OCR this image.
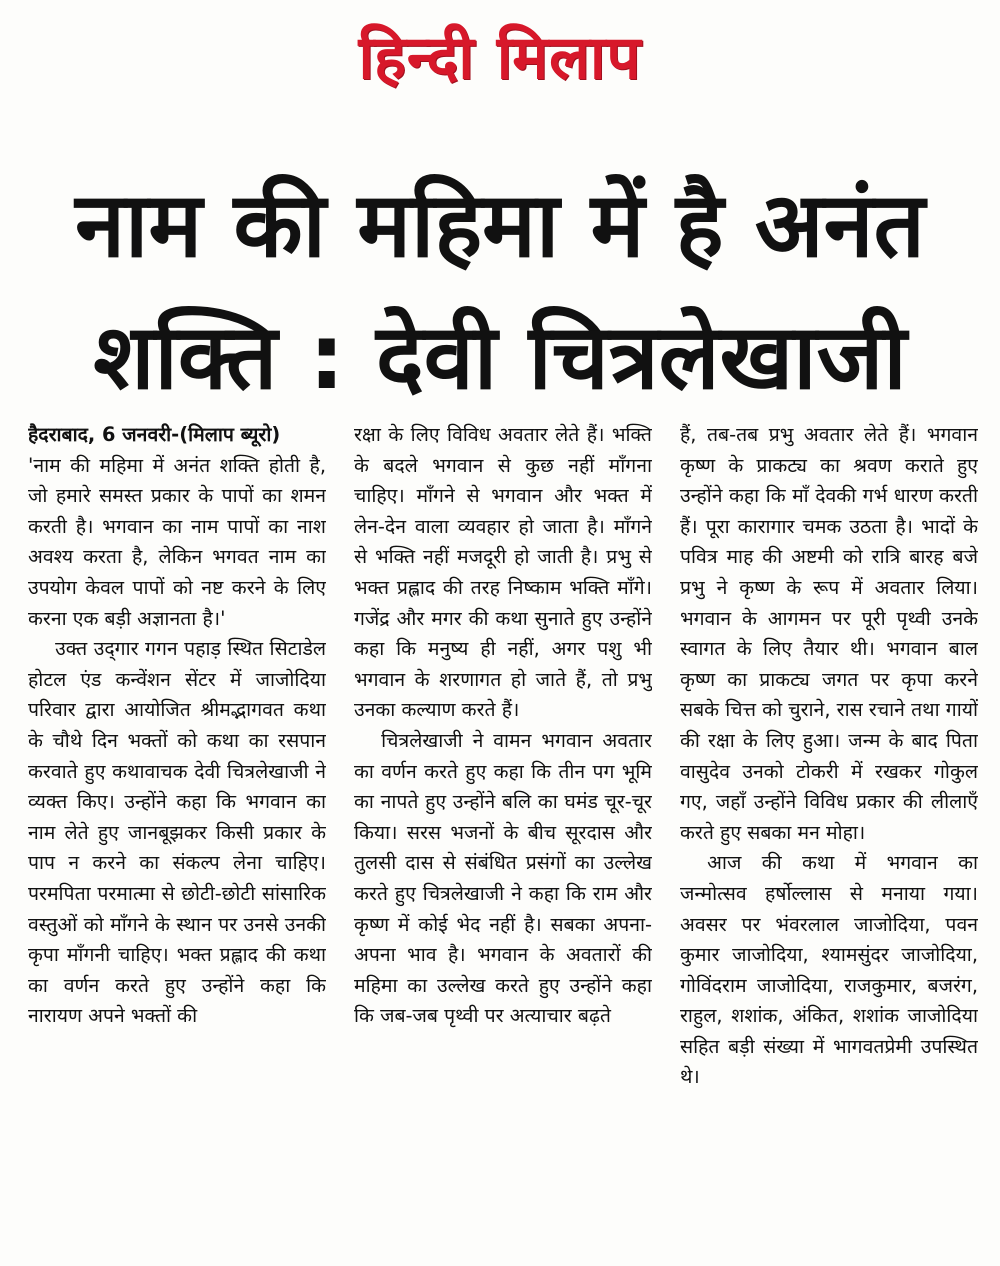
हिन्दी मिलाप
नाम की महिमा में है अनंत शक्ति : देवी चित्रलेखाजी

हैदराबाद, 6 जनवरी-(मिलाप ब्यूरो)

'नाम की महिमा में अनंत शक्ति होती है, जो हमारे समस्त प्रकार के पापों का शमन करती है। भगवान का नाम पापों का नाश अवश्य करता है, लेकिन भगवत नाम का उपयोग केवल पापों को नष्ट करने के लिए करना एक बड़ी अज्ञानता है।'

उक्त उद्‌गार गगन पहाड़ स्थित सिटाडेल होटल एंड कन्वेंशन सेंटर में जाजोदिया परिवार द्वारा आयोजित श्रीमद्भागवत कथा के चौथे दिन भक्तों को कथा का रसपान करवाते हुए कथावाचक देवी चित्रलेखाजी ने व्यक्त किए। उन्होंने कहा कि भगवान का नाम लेते हुए जानबूझकर किसी प्रकार के पाप न करने का संकल्प लेना चाहिए। परमपिता परमात्मा से छोटी-छोटी सांसारिक वस्तुओं को माँगने के स्थान पर उनसे उनकी कृपा माँगनी चाहिए। भक्त प्रह्लाद की कथा का वर्णन करते हुए उन्होंने कहा कि नारायण अपने भक्तों की

रक्षा के लिए विविध अवतार लेते हैं। भक्ति के बदले भगवान से कुछ नहीं माँगना चाहिए। माँगने से भगवान और भक्त में लेन-देन वाला व्यवहार हो जाता है। माँगने से भक्ति नहीं मजदूरी हो जाती है। प्रभु से भक्त प्रह्लाद की तरह निष्काम भक्ति माँगे। गजेंद्र और मगर की कथा सुनाते हुए उन्होंने कहा कि मनुष्य ही नहीं, अगर पशु भी भगवान के शरणागत हो जाते हैं, तो प्रभु उनका कल्याण करते हैं।

चित्रलेखाजी ने वामन भगवान अवतार का वर्णन करते हुए कहा कि तीन पग भूमि का नापते हुए उन्होंने बलि का घमंड चूर-चूर किया। सरस भजनों के बीच सूरदास और तुलसी दास से संबंधित प्रसंगों का उल्लेख करते हुए चित्रलेखाजी ने कहा कि राम और कृष्ण में कोई भेद नहीं है। सबका अपना-अपना भाव है। भगवान के अवतारों की महिमा का उल्लेख करते हुए उन्होंने कहा कि जब-जब पृथ्वी पर अत्याचार बढ़ते

हैं, तब-तब प्रभु अवतार लेते हैं। भगवान कृष्ण के प्राकट्य का श्रवण कराते हुए उन्होंने कहा कि माँ देवकी गर्भ धारण करती हैं। पूरा कारागार चमक उठता है। भादों के पवित्र माह की अष्टमी को रात्रि बारह बजे प्रभु ने कृष्ण के रूप में अवतार लिया। भगवान के आगमन पर पूरी पृथ्वी उनके स्वागत के लिए तैयार थी। भगवान बाल कृष्ण का प्राकट्य जगत पर कृपा करने सबके चित्त को चुराने, रास रचाने तथा गायों की रक्षा के लिए हुआ। जन्म के बाद पिता वासुदेव उनको टोकरी में रखकर गोकुल गए, जहाँ उन्होंने विविध प्रकार की लीलाएँ करते हुए सबका मन मोहा।

आज की कथा में भगवान का जन्मोत्सव हर्षोल्लास से मनाया गया। अवसर पर भंवरलाल जाजोदिया, पवन कुमार जाजोदिया, श्यामसुंदर जाजोदिया, गोविंदराम जाजोदिया, राजकुमार, बजरंग, राहुल, शशांक, अंकित, शशांक जाजोदिया सहित बड़ी संख्या में भागवतप्रेमी उपस्थित थे।
